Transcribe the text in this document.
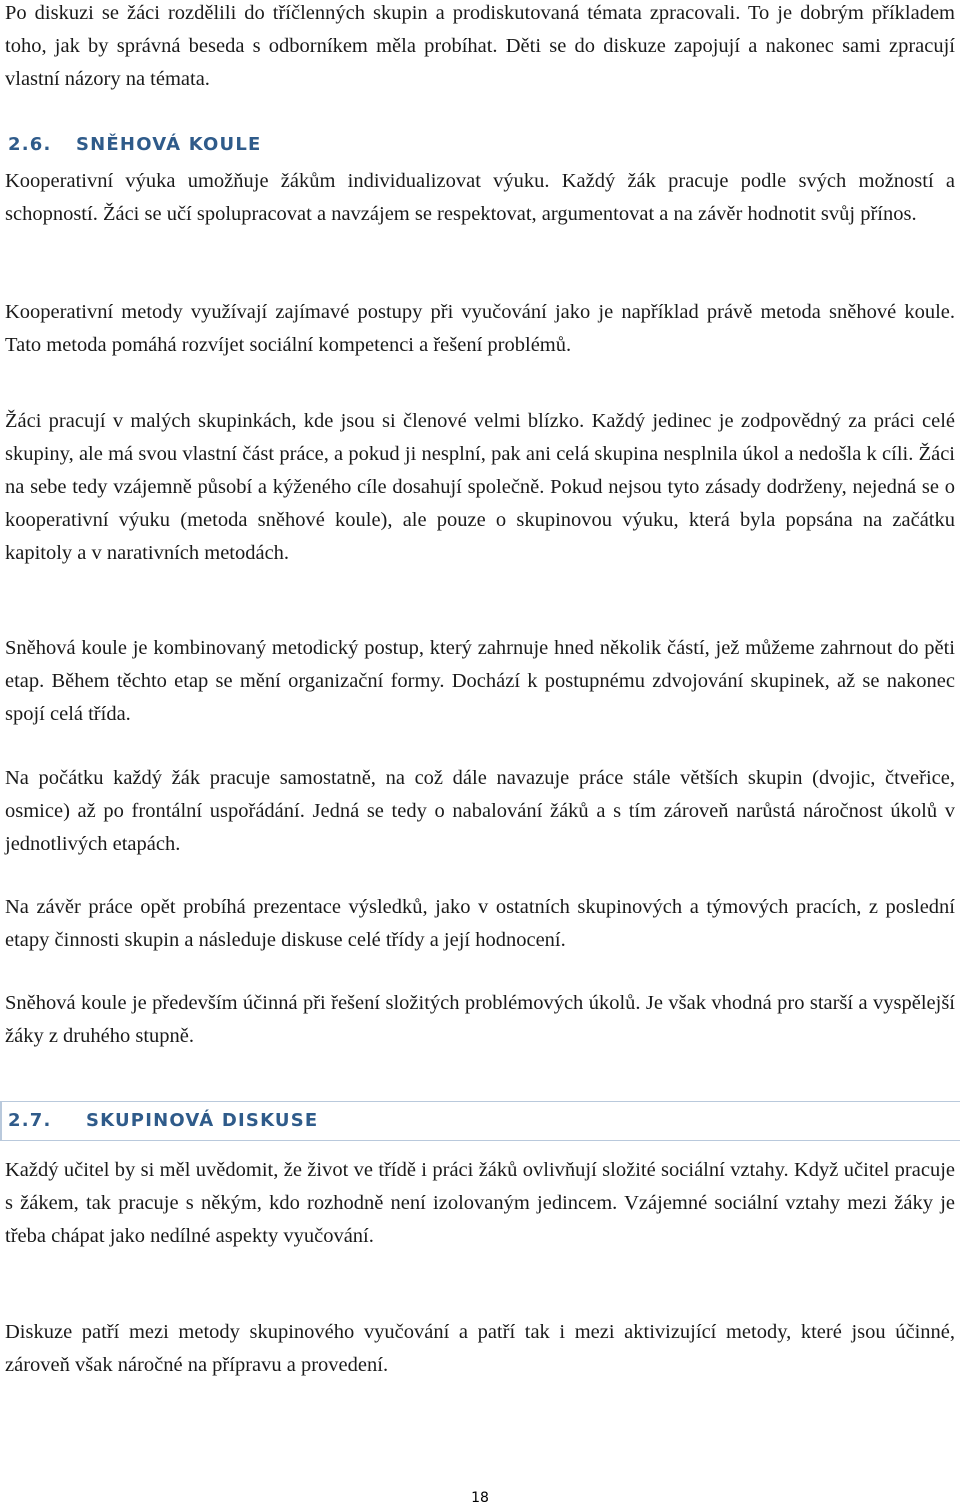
Po diskuzi se žáci rozdělili do tříčlenných skupin a prodiskutovaná témata zpracovali. To je dobrým příkladem toho, jak by správná beseda s odborníkem měla probíhat. Děti se do diskuze zapojují a nakonec sami zpracují vlastní názory na témata.

2.6. SNĚHOVÁ KOULE

Kooperativní výuka umožňuje žákům individualizovat výuku. Každý žák pracuje podle svých možností a schopností. Žáci se učí spolupracovat a navzájem se respektovat, argumentovat a na závěr hodnotit svůj přínos.

Kooperativní metody využívají zajímavé postupy při vyučování jako je například právě metoda sněhové koule. Tato metoda pomáhá rozvíjet sociální kompetenci a řešení problémů.

Žáci pracují v malých skupinkách, kde jsou si členové velmi blízko. Každý jedinec je zodpovědný za práci celé skupiny, ale má svou vlastní část práce, a pokud ji nesplní, pak ani celá skupina nesplnila úkol a nedošla k cíli. Žáci na sebe tedy vzájemně působí a kýženého cíle dosahují společně. Pokud nejsou tyto zásady dodrženy, nejedná se o kooperativní výuku (metoda sněhové koule), ale pouze o skupinovou výuku, která byla popsána na začátku kapitoly a v narativních metodách.

Sněhová koule je kombinovaný metodický postup, který zahrnuje hned několik částí, jež můžeme zahrnout do pěti etap. Během těchto etap se mění organizační formy. Dochází k postupnému zdvojování skupinek, až se nakonec spojí celá třída.

Na počátku každý žák pracuje samostatně, na což dále navazuje práce stále větších skupin (dvojic, čtveřice, osmice) až po frontální uspořádání. Jedná se tedy o nabalování žáků a s tím zároveň narůstá náročnost úkolů v jednotlivých etapách.

Na závěr práce opět probíhá prezentace výsledků, jako v ostatních skupinových a týmových pracích, z poslední etapy činnosti skupin a následuje diskuse celé třídy a její hodnocení.

Sněhová koule je především účinná při řešení složitých problémových úkolů. Je však vhodná pro starší a vyspělejší žáky z druhého stupně.

2.7. SKUPINOVÁ DISKUSE

Každý učitel by si měl uvědomit, že život ve třídě i práci žáků ovlivňují složité sociální vztahy. Když učitel pracuje s žákem, tak pracuje s někým, kdo rozhodně není izolovaným jedincem. Vzájemné sociální vztahy mezi žáky je třeba chápat jako nedílné aspekty vyučování.

Diskuze patří mezi metody skupinového vyučování a patří tak i mezi aktivizující metody, které jsou účinné, zároveň však náročné na přípravu a provedení.

18
